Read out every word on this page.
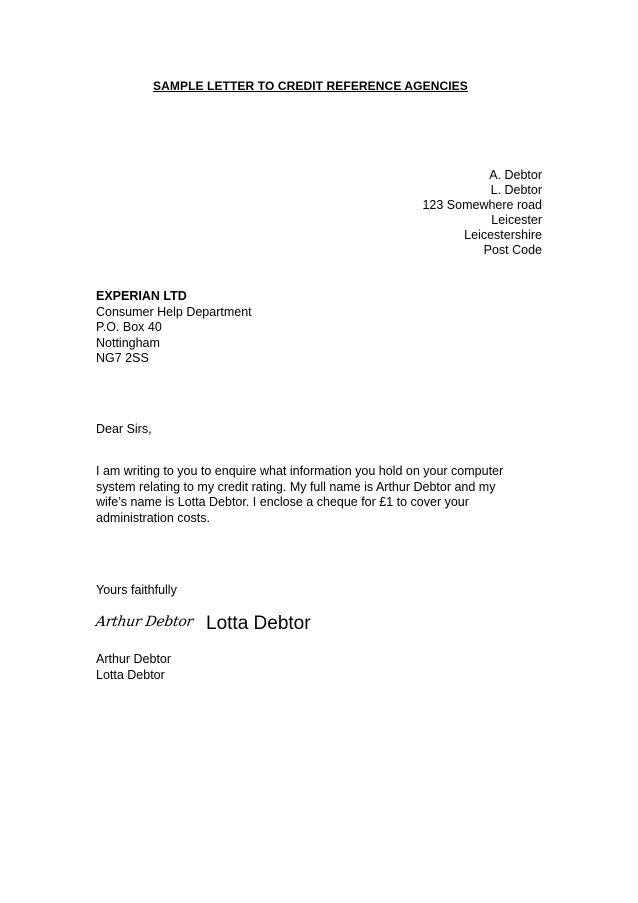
SAMPLE LETTER TO CREDIT REFERENCE AGENCIES
A. Debtor
L. Debtor
123 Somewhere road
Leicester
Leicestershire
Post Code
EXPERIAN LTD
Consumer Help Department
P.O. Box 40
Nottingham
NG7 2SS
Dear Sirs,
I am writing to you to enquire what information you hold on your computer
system relating to my credit rating. My full name is Arthur Debtor and my
wife’s name is Lotta Debtor. I enclose a cheque for £1 to cover your
administration costs.
Yours faithfully
Arthur Debtor Lotta Debtor
Arthur Debtor
Lotta Debtor
